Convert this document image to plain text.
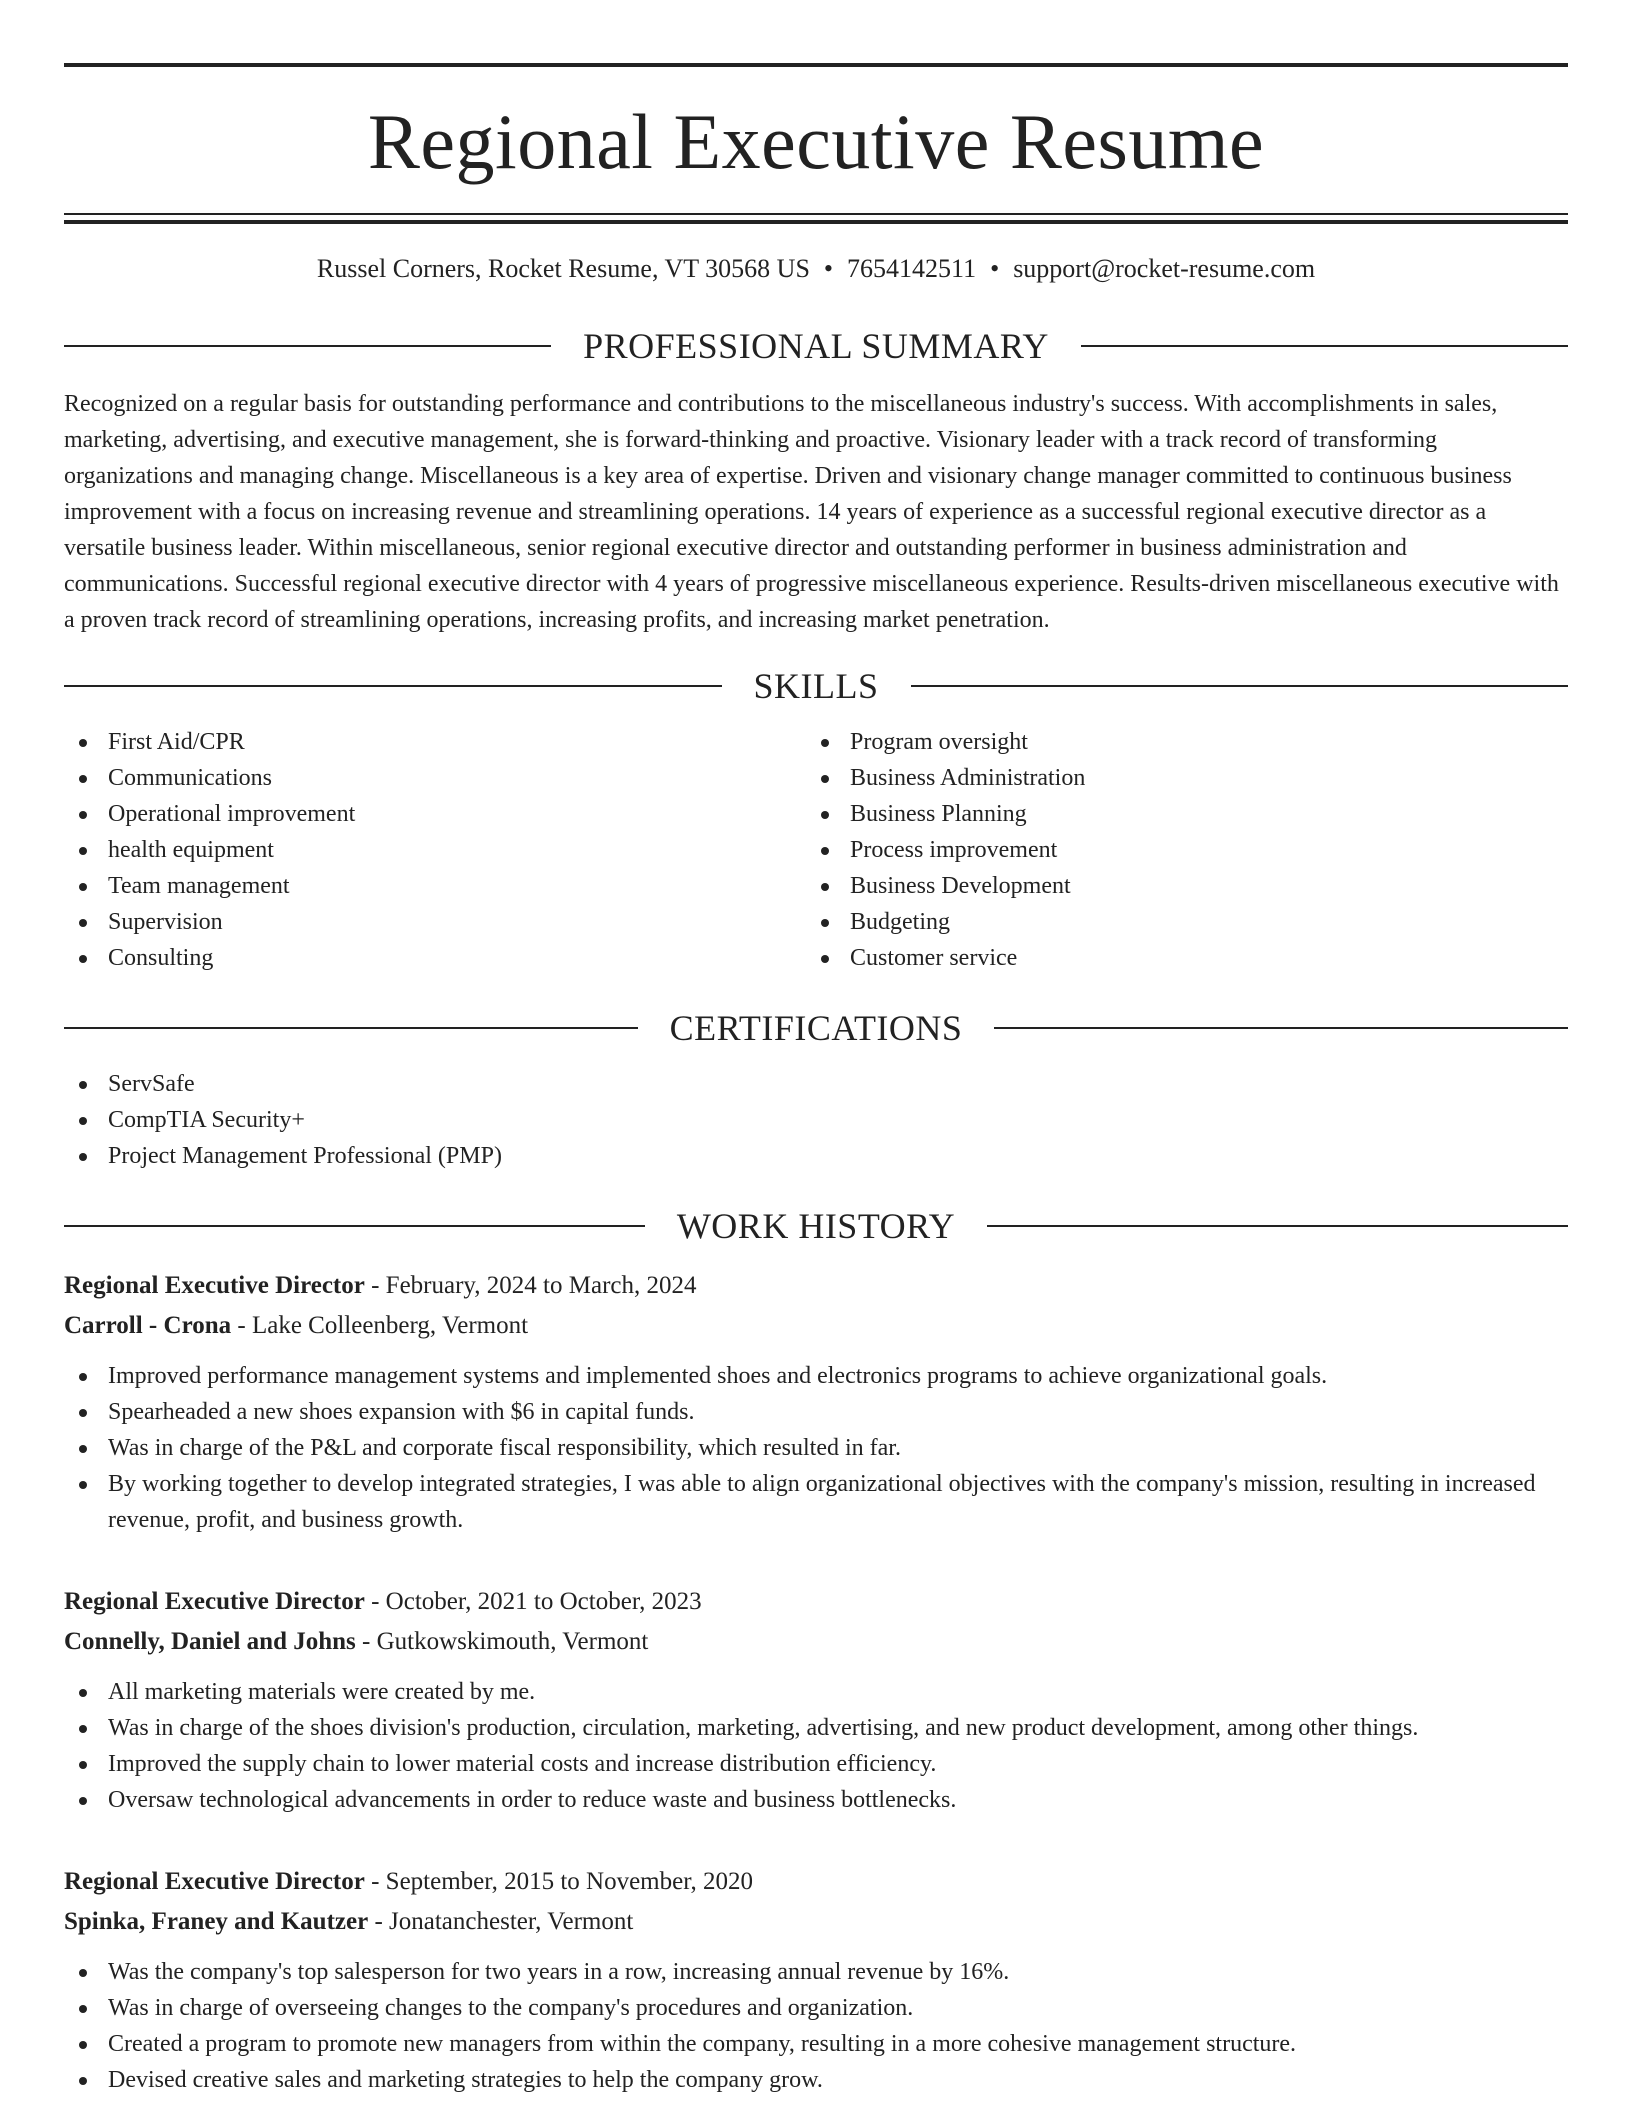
Regional Executive Resume
Russel Corners, Rocket Resume, VT 30568 US • 7654142511 • support@rocket-resume.com
PROFESSIONAL SUMMARY

Recognized on a regular basis for outstanding performance and contributions to the miscellaneous industry's success. With accomplishments in sales, marketing, advertising, and executive management, she is forward-thinking and proactive. Visionary leader with a track record of transforming organizations and managing change. Miscellaneous is a key area of expertise. Driven and visionary change manager committed to continuous business improvement with a focus on increasing revenue and streamlining operations. 14 years of experience as a successful regional executive director as a versatile business leader. Within miscellaneous, senior regional executive director and outstanding performer in business administration and communications. Successful regional executive director with 4 years of progressive miscellaneous experience. Results-driven miscellaneous executive with a proven track record of streamlining operations, increasing profits, and increasing market penetration.

SKILLS
First Aid/CPR
Communications
Operational improvement
health equipment
Team management
Supervision
Consulting
Program oversight
Business Administration
Business Planning
Process improvement
Business Development
Budgeting
Customer service
CERTIFICATIONS
ServSafe
CompTIA Security+
Project Management Professional (PMP)
WORK HISTORY
Regional Executive Director - February, 2024 to March, 2024
Carroll - Crona - Lake Colleenberg, Vermont
Improved performance management systems and implemented shoes and electronics programs to achieve organizational goals.
Spearheaded a new shoes expansion with $6 in capital funds.
Was in charge of the P&L and corporate fiscal responsibility, which resulted in far.
By working together to develop integrated strategies, I was able to align organizational objectives with the company's mission, resulting in increased revenue, profit, and business growth.
Regional Executive Director - October, 2021 to October, 2023
Connelly, Daniel and Johns - Gutkowskimouth, Vermont
All marketing materials were created by me.
Was in charge of the shoes division's production, circulation, marketing, advertising, and new product development, among other things.
Improved the supply chain to lower material costs and increase distribution efficiency.
Oversaw technological advancements in order to reduce waste and business bottlenecks.
Regional Executive Director - September, 2015 to November, 2020
Spinka, Franey and Kautzer - Jonatanchester, Vermont
Was the company's top salesperson for two years in a row, increasing annual revenue by 16%.
Was in charge of overseeing changes to the company's procedures and organization.
Created a program to promote new managers from within the company, resulting in a more cohesive management structure.
Devised creative sales and marketing strategies to help the company grow.
